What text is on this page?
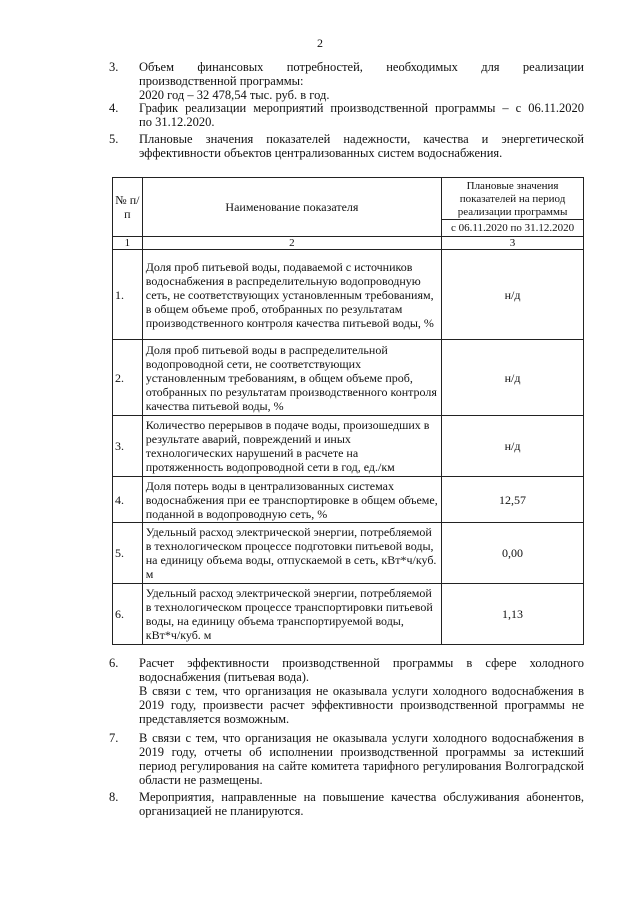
2
3. Объем финансовых потребностей, необходимых для реализации
производственной программы:
2020 год – 32 478,54 тыс. руб. в год.
4. График реализации мероприятий производственной программы – с 06.11.2020
по 31.12.2020.
5. Плановые значения показателей надежности, качества и энергетической
эффективности объектов централизованных систем водоснабжения.
№ п/п	Наименование показателя	Плановые значения показателей на период реализации программы
с 06.11.2020 по 31.12.2020

1	2	3
1.	Доля проб питьевой воды, подаваемой с источников водоснабжения в распределительную водопроводную сеть, не соответствующих установленным требованиям, в общем объеме проб, отобранных по результатам производственного контроля качества питьевой воды, %	н/д
2.	Доля проб питьевой воды в распределительной водопроводной сети, не соответствующих установленным требованиям, в общем объеме проб, отобранных по результатам производственного контроля качества питьевой воды, %	н/д
3.	Количество перерывов в подаче воды, произошедших в результате аварий, повреждений и иных технологических нарушений в расчете на протяженность водопроводной сети в год, ед./км	н/д
4.	Доля потерь воды в централизованных системах водоснабжения при ее транспортировке в общем объеме, поданной в водопроводную сеть, %	12,57
5.	Удельный расход электрической энергии, потребляемой в технологическом процессе подготовки питьевой воды, на единицу объема воды, отпускаемой в сеть, кВт*ч/куб. м	0,00
6.	Удельный расход электрической энергии, потребляемой в технологическом процессе транспортировки питьевой воды, на единицу объема транспортируемой воды, кВт*ч/куб. м	1,13
6. Расчет эффективности производственной программы в сфере холодного водоснабжения (питьевая вода).
В связи с тем, что организация не оказывала услуги холодного водоснабжения в 2019 году, произвести расчет эффективности производственной программы не представляется возможным.
7. В связи с тем, что организация не оказывала услуги холодного водоснабжения в 2019 году, отчеты об исполнении производственной программы за истекший период регулирования на сайте комитета тарифного регулирования Волгоградской области не размещены.
8. Мероприятия, направленные на повышение качества обслуживания абонентов, организацией не планируются.
